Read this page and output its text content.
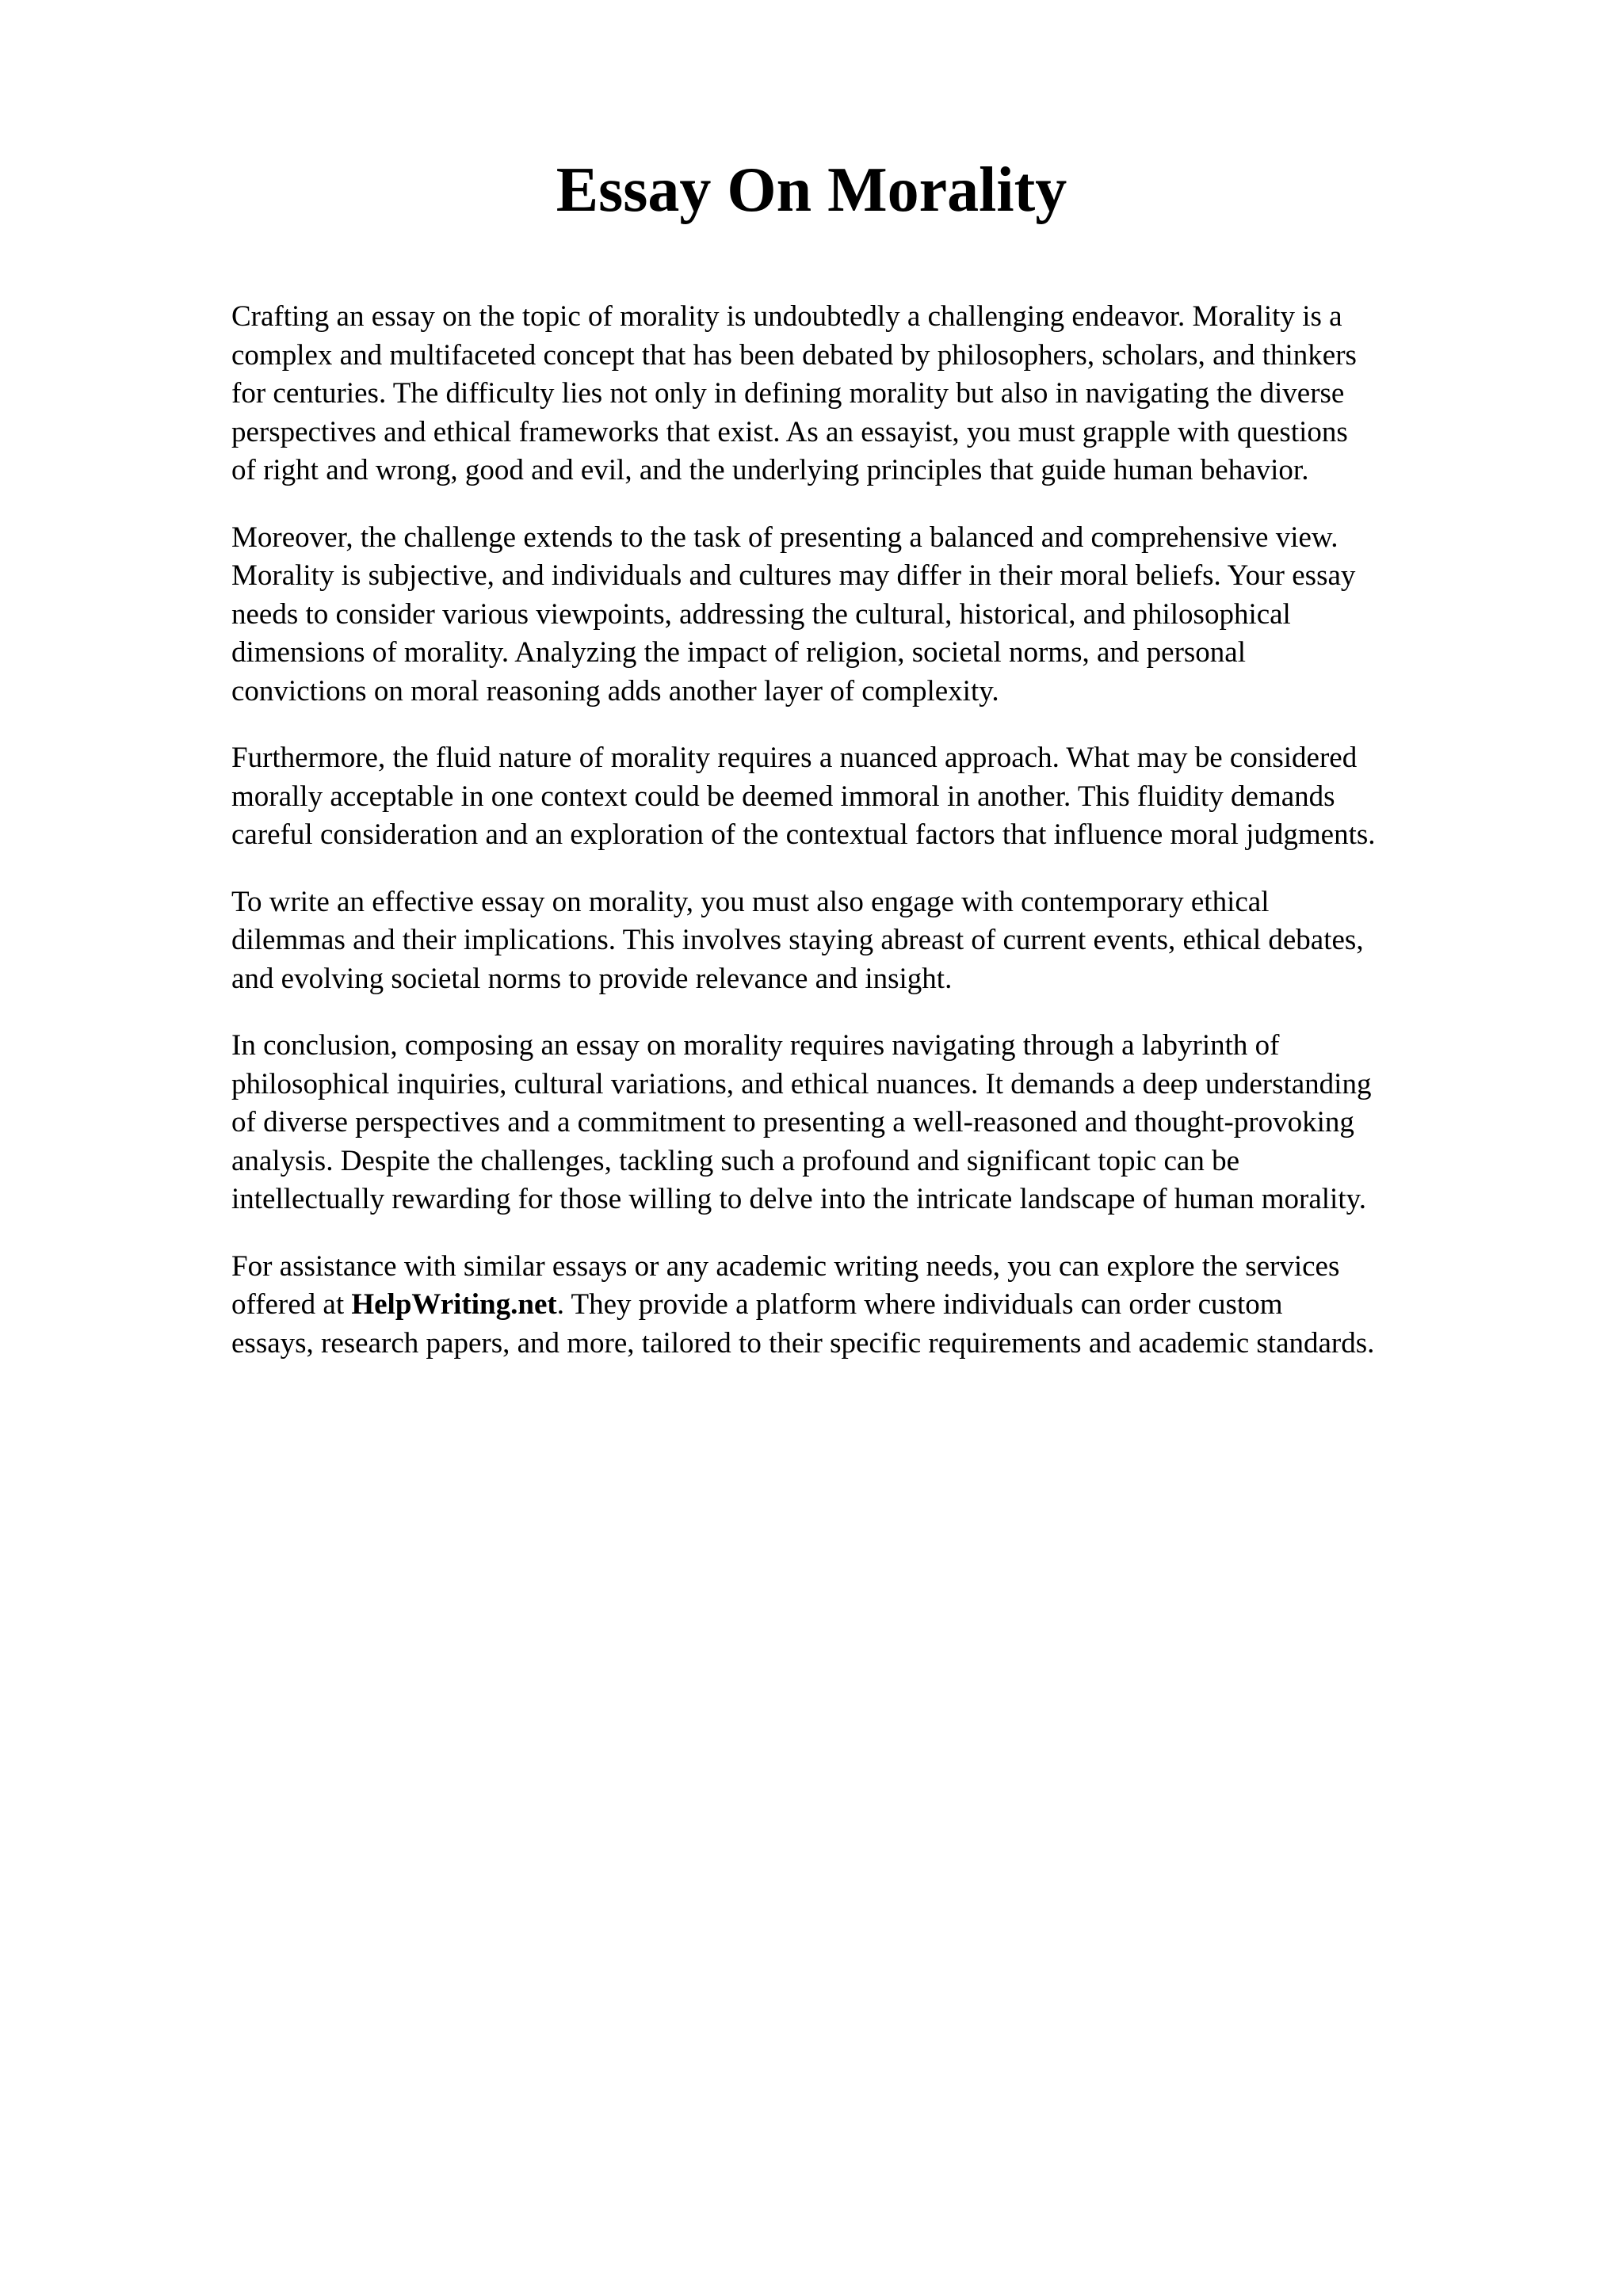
Essay On Morality

Crafting an essay on the topic of morality is undoubtedly a challenging endeavor. Morality is a
complex and multifaceted concept that has been debated by philosophers, scholars, and thinkers
for centuries. The difficulty lies not only in defining morality but also in navigating the diverse
perspectives and ethical frameworks that exist. As an essayist, you must grapple with questions
of right and wrong, good and evil, and the underlying principles that guide human behavior.

Moreover, the challenge extends to the task of presenting a balanced and comprehensive view.
Morality is subjective, and individuals and cultures may differ in their moral beliefs. Your essay
needs to consider various viewpoints, addressing the cultural, historical, and philosophical
dimensions of morality. Analyzing the impact of religion, societal norms, and personal
convictions on moral reasoning adds another layer of complexity.

Furthermore, the fluid nature of morality requires a nuanced approach. What may be considered
morally acceptable in one context could be deemed immoral in another. This fluidity demands
careful consideration and an exploration of the contextual factors that influence moral judgments.

To write an effective essay on morality, you must also engage with contemporary ethical
dilemmas and their implications. This involves staying abreast of current events, ethical debates,
and evolving societal norms to provide relevance and insight.

In conclusion, composing an essay on morality requires navigating through a labyrinth of
philosophical inquiries, cultural variations, and ethical nuances. It demands a deep understanding
of diverse perspectives and a commitment to presenting a well-reasoned and thought-provoking
analysis. Despite the challenges, tackling such a profound and significant topic can be
intellectually rewarding for those willing to delve into the intricate landscape of human morality.

For assistance with similar essays or any academic writing needs, you can explore the services
offered at HelpWriting.net. They provide a platform where individuals can order custom
essays, research papers, and more, tailored to their specific requirements and academic standards.
